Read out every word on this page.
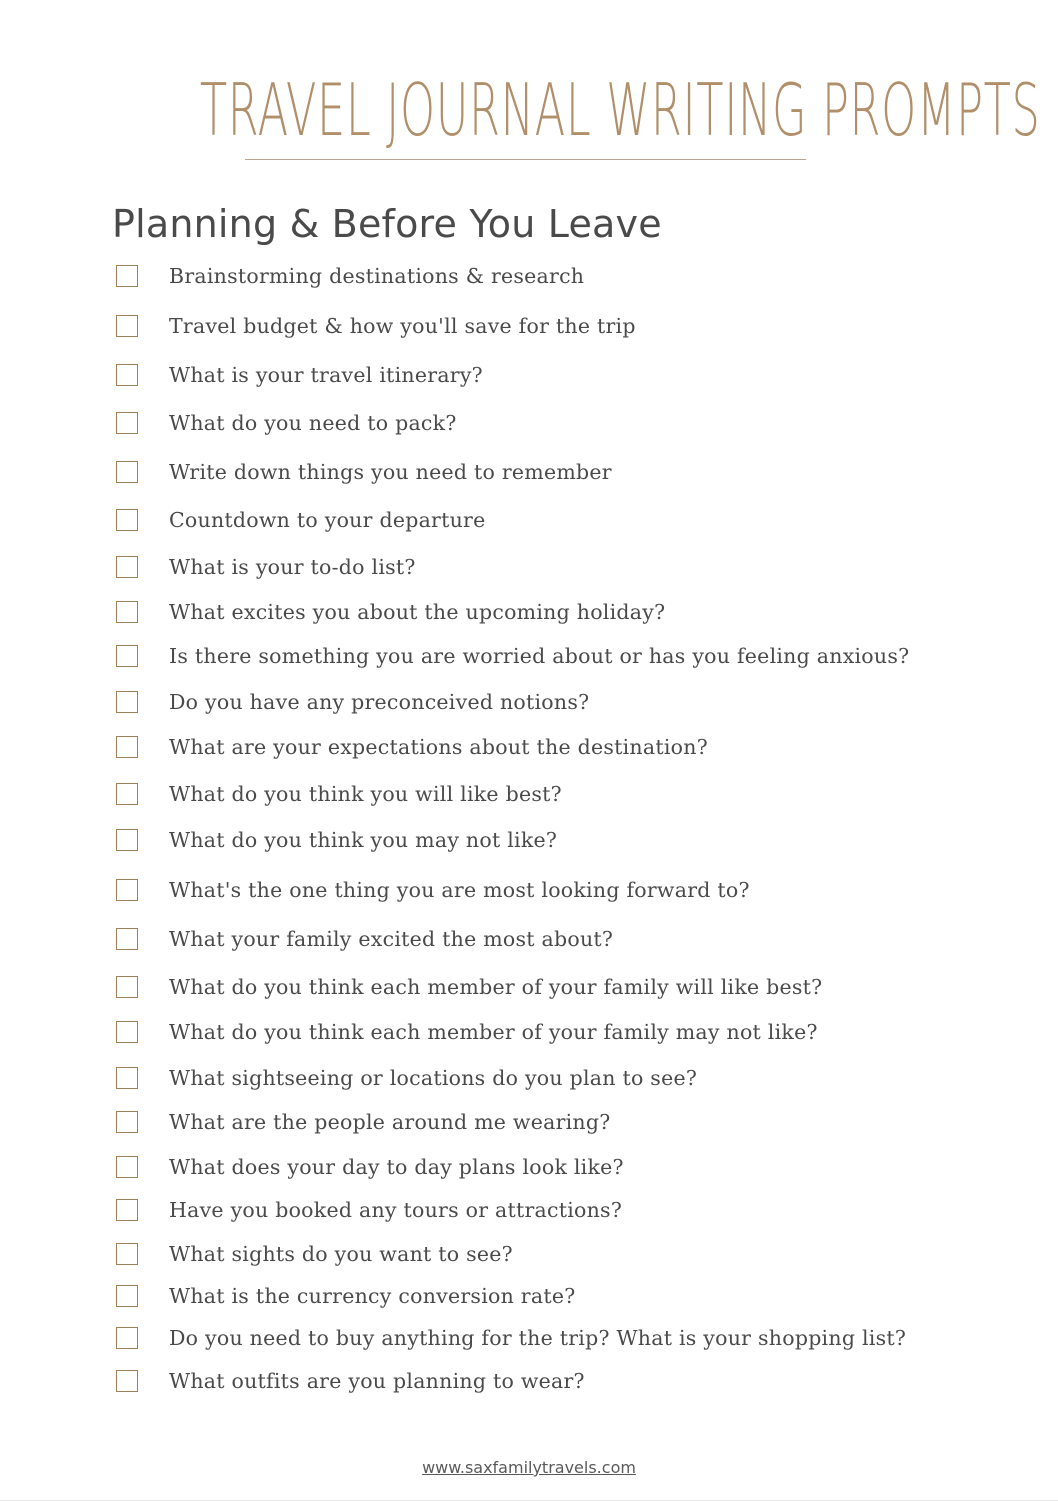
TRAVEL JOURNAL WRITING PROMPTS
Planning & Before You Leave
Brainstorming destinations & research
Travel budget & how you'll save for the trip
What is your travel itinerary?
What do you need to pack?
Write down things you need to remember
Countdown to your departure
What is your to-do list?
What excites you about the upcoming holiday?
Is there something you are worried about or has you feeling anxious?
Do you have any preconceived notions?
What are your expectations about the destination?
What do you think you will like best?
What do you think you may not like?
What's the one thing you are most looking forward to?
What your family excited the most about?
What do you think each member of your family will like best?
What do you think each member of your family may not like?
What sightseeing or locations do you plan to see?
What are the people around me wearing?
What does your day to day plans look like?
Have you booked any tours or attractions?
What sights do you want to see?
What is the currency conversion rate?
Do you need to buy anything for the trip? What is your shopping list?
What outfits are you planning to wear?
www.saxfamilytravels.com
